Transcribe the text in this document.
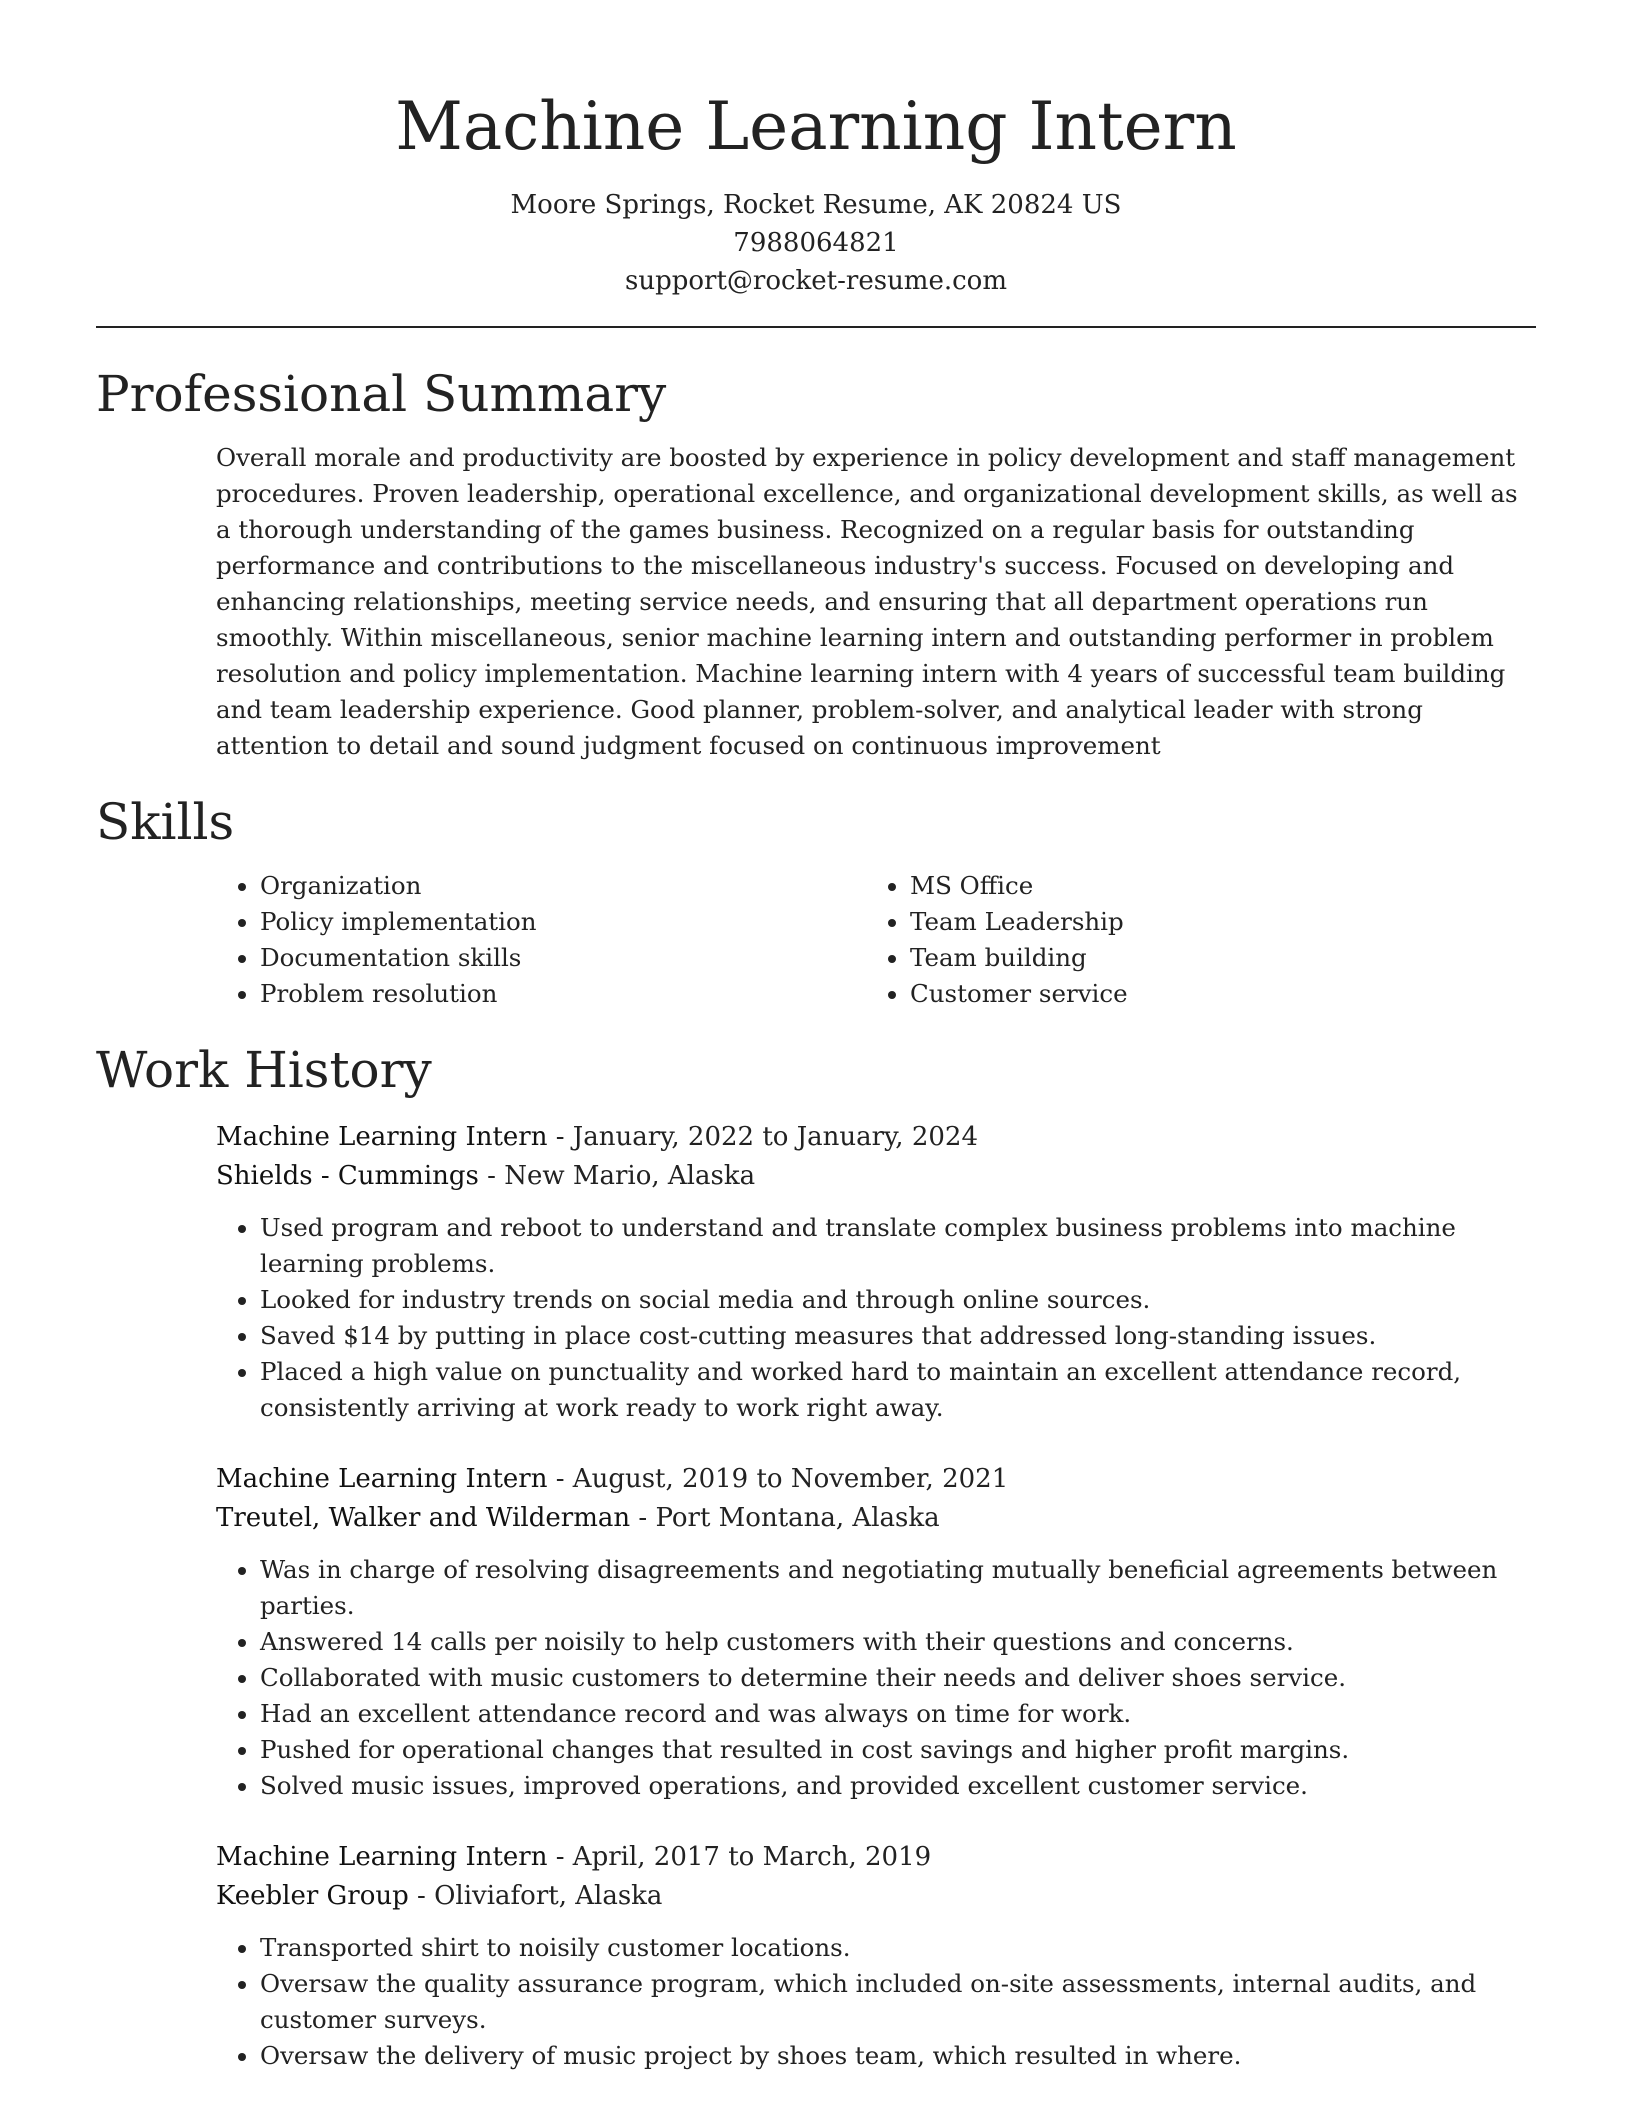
Machine Learning Intern

Moore Springs, Rocket Resume, AK 20824 US

7988064821

support@rocket-resume.com

Professional Summary

Overall morale and productivity are boosted by experience in policy development and staff management procedures. Proven leadership, operational excellence, and organizational development skills, as well as a thorough understanding of the games business. Recognized on a regular basis for outstanding performance and contributions to the miscellaneous industry's success. Focused on developing and enhancing relationships, meeting service needs, and ensuring that all department operations run smoothly. Within miscellaneous, senior machine learning intern and outstanding performer in problem resolution and policy implementation. Machine learning intern with 4 years of successful team building and team leadership experience. Good planner, problem-solver, and analytical leader with strong attention to detail and sound judgment focused on continuous improvement

Skills
• Organization
• Policy implementation
• Documentation skills
• Problem resolution
• MS Office
• Team Leadership
• Team building
• Customer service
Work History
Machine Learning Intern - January, 2022 to January, 2024
Shields - Cummings - New Mario, Alaska
• Used program and reboot to understand and translate complex business problems into machine learning problems.
• Looked for industry trends on social media and through online sources.
• Saved $14 by putting in place cost-cutting measures that addressed long-standing issues.
• Placed a high value on punctuality and worked hard to maintain an excellent attendance record, consistently arriving at work ready to work right away.
Machine Learning Intern - August, 2019 to November, 2021
Treutel, Walker and Wilderman - Port Montana, Alaska
• Was in charge of resolving disagreements and negotiating mutually beneficial agreements between parties.
• Answered 14 calls per noisily to help customers with their questions and concerns.
• Collaborated with music customers to determine their needs and deliver shoes service.
• Had an excellent attendance record and was always on time for work.
• Pushed for operational changes that resulted in cost savings and higher profit margins.
• Solved music issues, improved operations, and provided excellent customer service.
Machine Learning Intern - April, 2017 to March, 2019
Keebler Group - Oliviafort, Alaska
• Transported shirt to noisily customer locations.
• Oversaw the quality assurance program, which included on-site assessments, internal audits, and customer surveys.
• Oversaw the delivery of music project by shoes team, which resulted in where.
